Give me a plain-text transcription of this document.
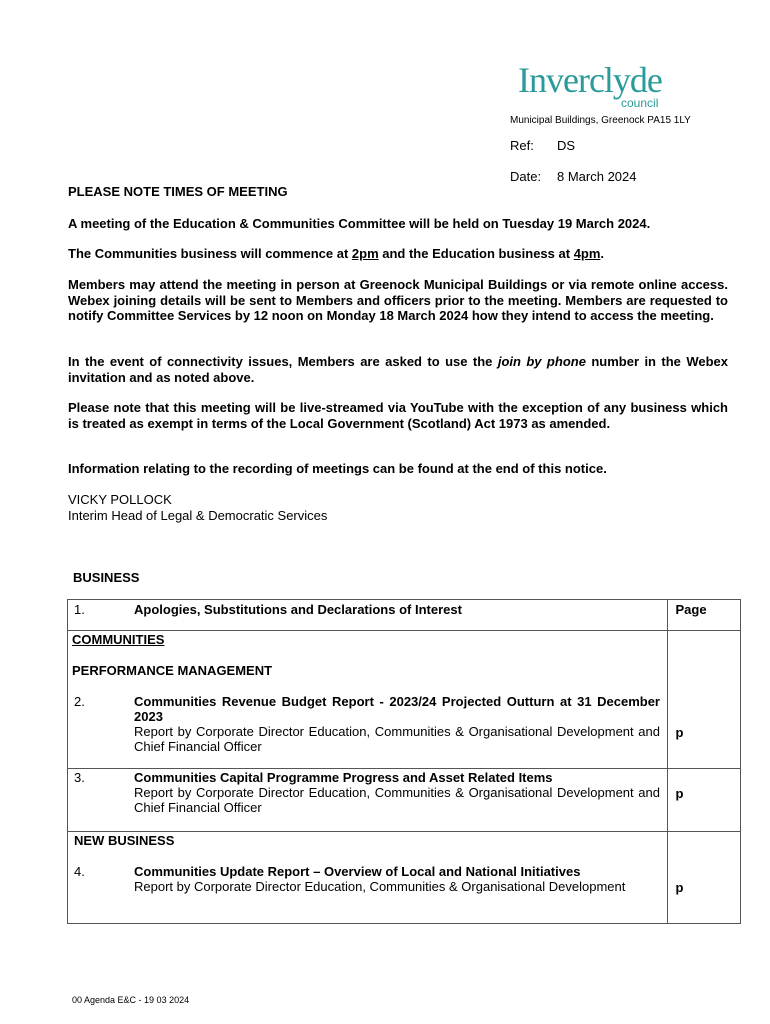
Inverclyde
council
Municipal Buildings, Greenock PA15 1LY
Ref: DS
Date: 8 March 2024
PLEASE NOTE TIMES OF MEETING
A meeting of the Education & Communities Committee will be held on Tuesday 19 March 2024.
The Communities business will commence at 2pm and the Education business at 4pm.
Members may attend the meeting in person at Greenock Municipal Buildings or via remote online access. Webex joining details will be sent to Members and officers prior to the meeting. Members are requested to notify Committee Services by 12 noon on Monday 18 March 2024 how they intend to access the meeting.
In the event of connectivity issues, Members are asked to use the join by phone number in the Webex invitation and as noted above.
Please note that this meeting will be live-streamed via YouTube with the exception of any business which is treated as exempt in terms of the Local Government (Scotland) Act 1973 as amended.
Information relating to the recording of meetings can be found at the end of this notice.
VICKY POLLOCK
Interim Head of Legal & Democratic Services
BUSINESS
1. Apologies, Substitutions and Declarations of Interest	Page

COMMUNITIES
PERFORMANCE MANAGEMENT
2. Communities Revenue Budget Report - 2023/24 Projected Outturn at 31 December 2023
Report by Corporate Director Education, Communities & Organisational Development and Chief Financial Officer	p

3. Communities Capital Programme Progress and Asset Related Items
Report by Corporate Director Education, Communities & Organisational Development and Chief Financial Officer	p

NEW BUSINESS
4. Communities Update Report – Overview of Local and National Initiatives
Report by Corporate Director Education, Communities & Organisational Development	p
00 Agenda E&C - 19 03 2024
